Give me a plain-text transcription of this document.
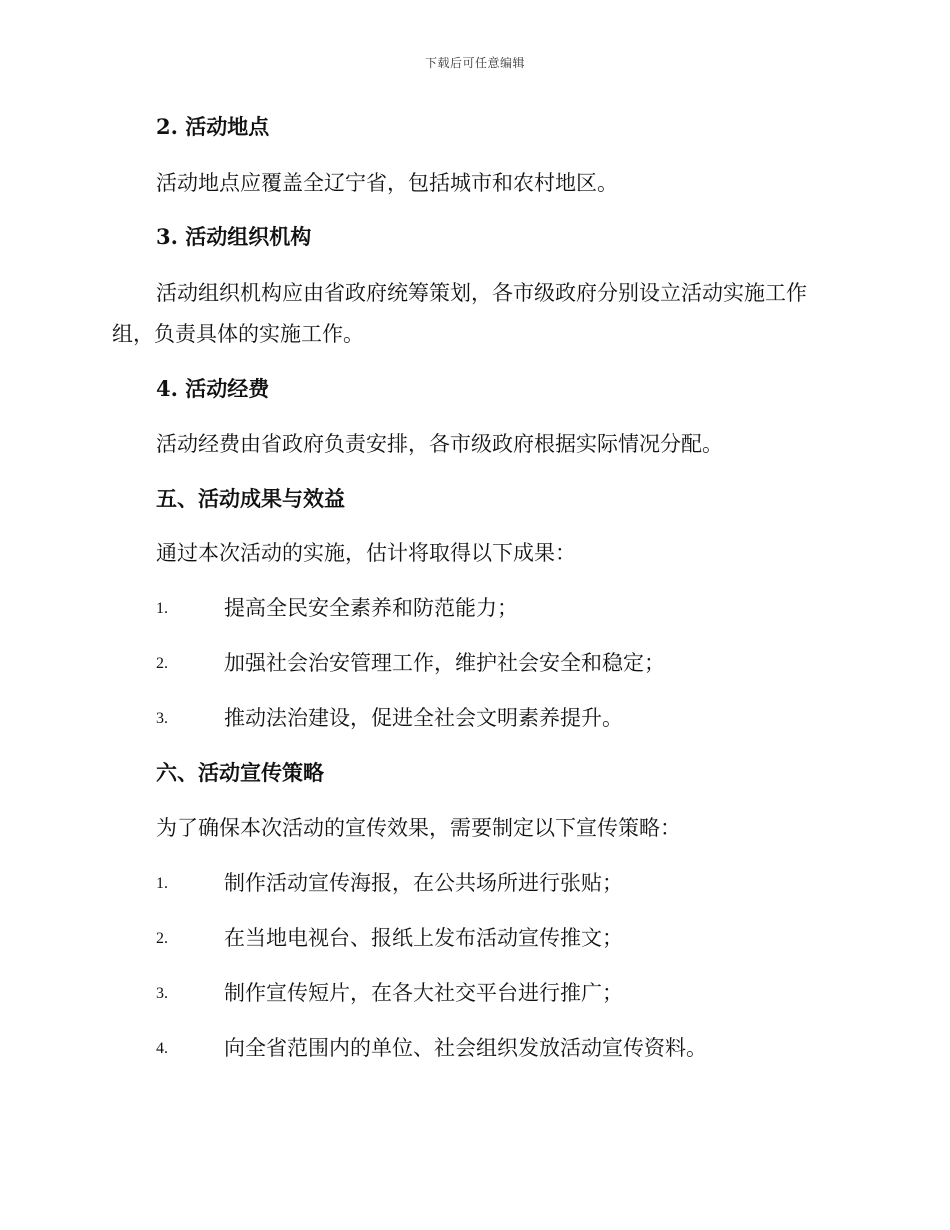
下载后可任意编辑
2. 活动地点
活动地点应覆盖全辽宁省，包括城市和农村地区。
3. 活动组织机构
活动组织机构应由省政府统筹策划，各市级政府分别设立活动实施工作
组，负责具体的实施工作。
4. 活动经费
活动经费由省政府负责安排，各市级政府根据实际情况分配。
五、活动成果与效益
通过本次活动的实施，估计将取得以下成果：
1.	提高全民安全素养和防范能力；
2.	加强社会治安管理工作，维护社会安全和稳定；
3.	推动法治建设，促进全社会文明素养提升。
六、活动宣传策略
为了确保本次活动的宣传效果，需要制定以下宣传策略：
1.	制作活动宣传海报，在公共场所进行张贴；
2.	在当地电视台、报纸上发布活动宣传推文；
3.	制作宣传短片，在各大社交平台进行推广；
4.	向全省范围内的单位、社会组织发放活动宣传资料。
